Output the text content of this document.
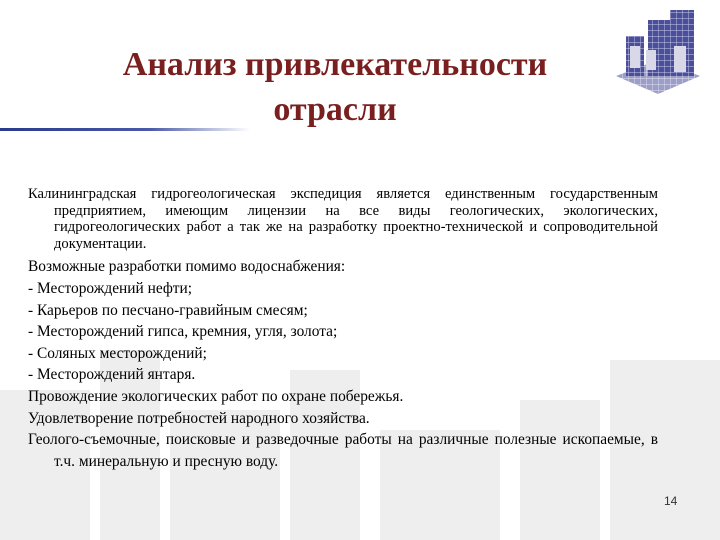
Анализ привлекательности
отрасли

Калининградская гидрогеологическая экспедиция является единственным государственным предприятием, имеющим лицензии на все виды геологических, экологических, гидрогеологических работ а так же на разработку проектно-технической и сопроводительной документации.

Возможные разработки помимо водоснабжения:

- Месторождений нефти;

- Карьеров по песчано-гравийным смесям;

- Месторождений гипса, кремния, угля, золота;

- Соляных месторождений;

- Месторождений янтаря.

Провождение экологических работ по охране побережья.

Удовлетворение потребностей народного хозяйства.

Геолого-съемочные, поисковые и разведочные работы на различные полезные ископаемые, в т.ч. минеральную и пресную воду.

14
